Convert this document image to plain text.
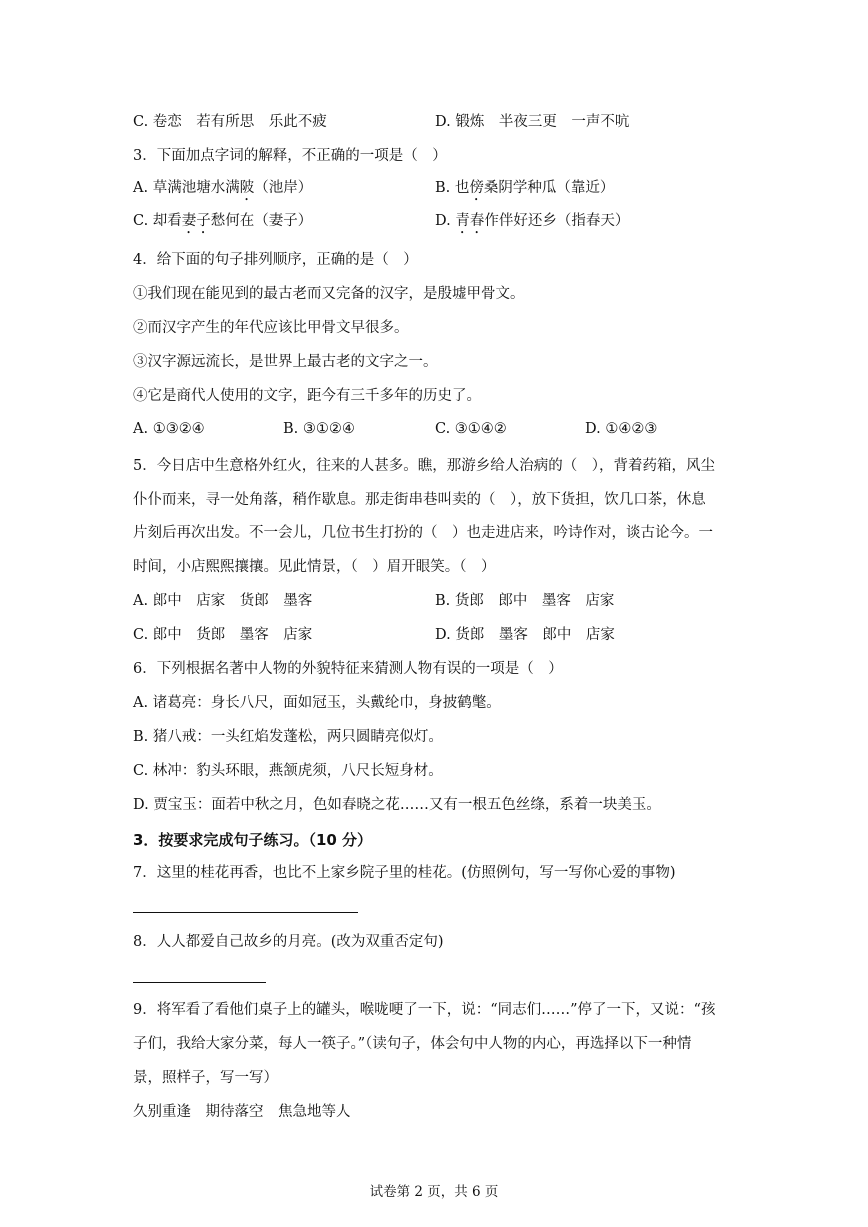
C. 卷恋　若有所思　乐此不疲	D. 锻炼　半夜三更　一声不吭
3．下面加点字词的解释，不正确的一项是（　）
A. 草满池塘水满陂（池岸）	B. 也傍桑阴学种瓜（靠近）
C. 却看妻子愁何在（妻子）	D. 青春作伴好还乡（指春天）
4．给下面的句子排列顺序，正确的是（　）
①我们现在能见到的最古老而又完备的汉字，是殷墟甲骨文。
②而汉字产生的年代应该比甲骨文早很多。
③汉字源远流长，是世界上最古老的文字之一。
④它是商代人使用的文字，距今有三千多年的历史了。
A. ①③②④	B. ③①②④	C. ③①④②	D. ①④②③
5．今日店中生意格外红火，往来的人甚多。瞧，那游乡给人治病的（　），背着药箱，风尘
仆仆而来，寻一处角落，稍作歇息。那走街串巷叫卖的（　），放下货担，饮几口茶，休息
片刻后再次出发。不一会儿，几位书生打扮的（　）也走进店来，吟诗作对，谈古论今。一
时间，小店熙熙攘攘。见此情景，（　）眉开眼笑。（　）
A. 郎中　店家　货郎　墨客	B. 货郎　郎中　墨客　店家
C. 郎中　货郎　墨客　店家	D. 货郎　墨客　郎中　店家
6．下列根据名著中人物的外貌特征来猜测人物有误的一项是（　）
A. 诸葛亮：身长八尺，面如冠玉，头戴纶巾，身披鹤氅。
B. 猪八戒：一头红焰发蓬松，两只圆睛亮似灯。
C. 林冲：豹头环眼，燕颔虎须，八尺长短身材。
D. 贾宝玉：面若中秋之月，色如春晓之花……又有一根五色丝绦，系着一块美玉。
3．按要求完成句子练习。（10 分）
7．这里的桂花再香，也比不上家乡院子里的桂花。(仿照例句，写一写你心爱的事物)
8．人人都爱自己故乡的月亮。(改为双重否定句)
9．将军看了看他们桌子上的罐头，喉咙哽了一下，说：“同志们……”停了一下，又说：“孩
子们，我给大家分菜，每人一筷子。”（读句子，体会句中人物的内心，再选择以下一种情
景，照样子，写一写）
久别重逢　期待落空　焦急地等人
试卷第 2 页，共 6 页
